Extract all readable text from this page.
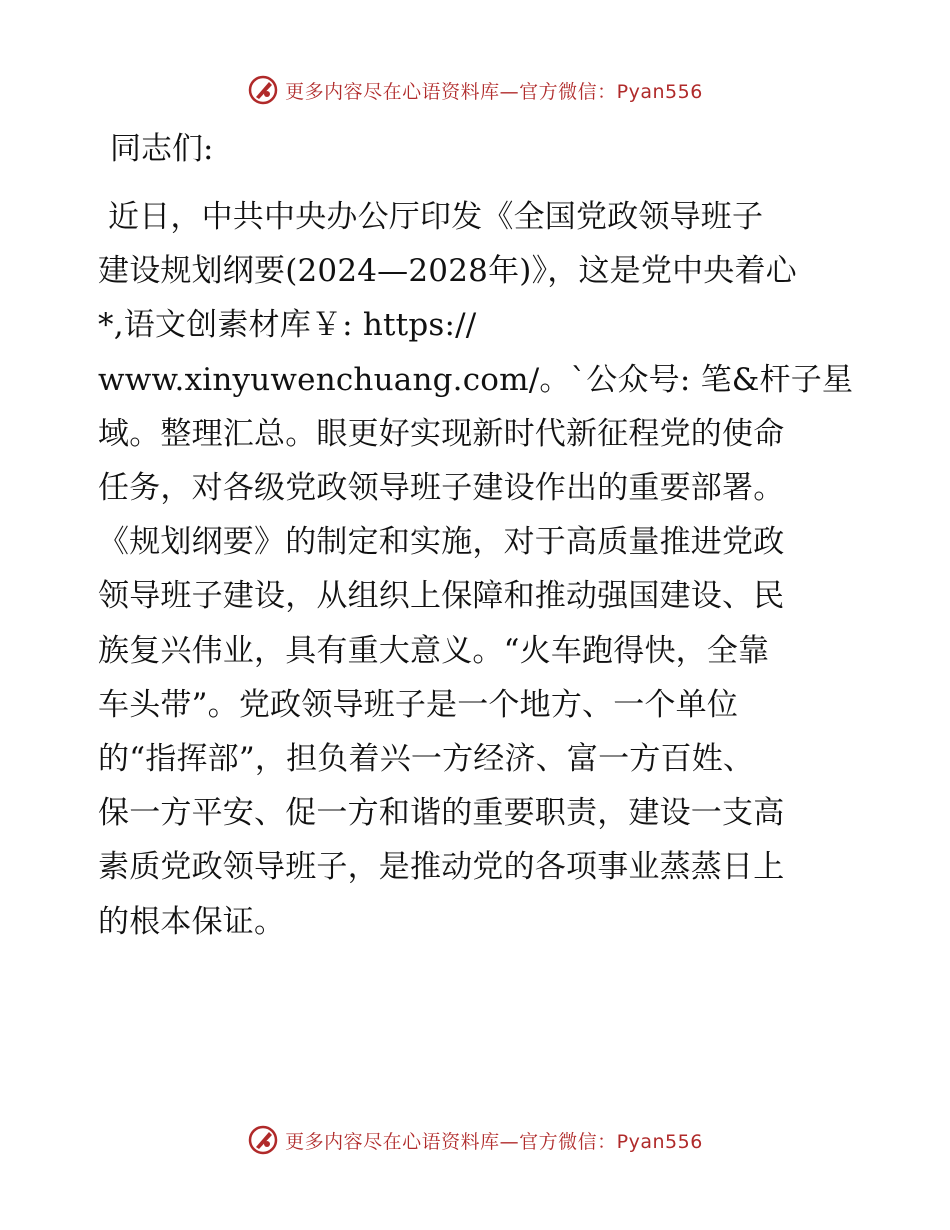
更多内容尽在心语资料库—官方微信：Pyan556

同志们:

近日，中共中央办公厅印发《全国党政领导班子

建设规划纲要(2024—2028年)》，这是党中央着心

*,语文创素材库￥: https://

www.xinyuwenchuang.com/。`公众号: 笔&杆子星

域。整理汇总。眼更好实现新时代新征程党的使命

任务，对各级党政领导班子建设作出的重要部署。

《规划纲要》的制定和实施，对于高质量推进党政

领导班子建设，从组织上保障和推动强国建设、民

族复兴伟业，具有重大意义。“火车跑得快，全靠

车头带”。党政领导班子是一个地方、一个单位

的“指挥部”，担负着兴一方经济、富一方百姓、

保一方平安、促一方和谐的重要职责，建设一支高

素质党政领导班子，是推动党的各项事业蒸蒸日上

的根本保证。

更多内容尽在心语资料库—官方微信：Pyan556
